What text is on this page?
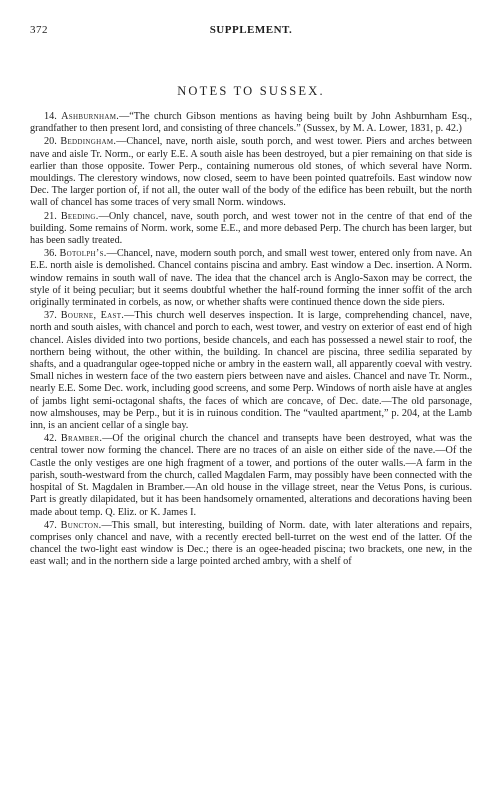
372	SUPPLEMENT.
NOTES TO SUSSEX.

14. Ashburnham.—“The church Gibson mentions as having being built by John Ashburnham Esq., grandfather to then present lord, and consisting of three chancels.” (Sussex, by M. A. Lower, 1831, p. 42.)

20. Beddingham.—Chancel, nave, north aisle, south porch, and west tower. Piers and arches between nave and aisle Tr. Norm., or early E.E. A south aisle has been destroyed, but a pier remaining on that side is earlier than those opposite. Tower Perp., containing numerous old stones, of which several have Norm. mouldings. The clerestory windows, now closed, seem to have been pointed quatrefoils. East window now Dec. The larger portion of, if not all, the outer wall of the body of the edifice has been rebuilt, but the north wall of chancel has some traces of very small Norm. windows.

21. Beeding.—Only chancel, nave, south porch, and west tower not in the centre of that end of the building. Some remains of Norm. work, some E.E., and more debased Perp. The church has been larger, but has been sadly treated.

36. Botolph’s.—Chancel, nave, modern south porch, and small west tower, entered only from nave. An E.E. north aisle is demolished. Chancel contains piscina and ambry. East window a Dec. insertion. A Norm. window remains in south wall of nave. The idea that the chancel arch is Anglo-Saxon may be correct, the style of it being peculiar; but it seems doubtful whether the half-round forming the inner soffit of the arch originally terminated in corbels, as now, or whether shafts were continued thence down the side piers.

37. Bourne, East.—This church well deserves inspection. It is large, comprehending chancel, nave, north and south aisles, with chancel and porch to each, west tower, and vestry on exterior of east end of high chancel. Aisles divided into two portions, beside chancels, and each has possessed a newel stair to roof, the northern being without, the other within, the building. In chancel are piscina, three sedilia separated by shafts, and a quadrangular ogee-topped niche or ambry in the eastern wall, all apparently coeval with vestry. Small niches in western face of the two eastern piers between nave and aisles. Chancel and nave Tr. Norm., nearly E.E. Some Dec. work, including good screens, and some Perp. Windows of north aisle have at angles of jambs light semi-octagonal shafts, the faces of which are concave, of Dec. date.—The old parsonage, now almshouses, may be Perp., but it is in ruinous condition. The “vaulted apartment,” p. 204, at the Lamb inn, is an ancient cellar of a single bay.

42. Bramber.—Of the original church the chancel and transepts have been destroyed, what was the central tower now forming the chancel. There are no traces of an aisle on either side of the nave.—Of the Castle the only vestiges are one high fragment of a tower, and portions of the outer walls.—A farm in the parish, south-westward from the church, called Magdalen Farm, may possibly have been connected with the hospital of St. Magdalen in Bramber.—An old house in the village street, near the Vetus Pons, is curious. Part is greatly dilapidated, but it has been handsomely ornamented, alterations and decorations having been made about temp. Q. Eliz. or K. James I.

47. Buncton.—This small, but interesting, building of Norm. date, with later alterations and repairs, comprises only chancel and nave, with a recently erected bell-turret on the west end of the latter. Of the chancel the two-light east window is Dec.; there is an ogee-headed piscina; two brackets, one new, in the east wall; and in the northern side a large pointed arched ambry, with a shelf of
